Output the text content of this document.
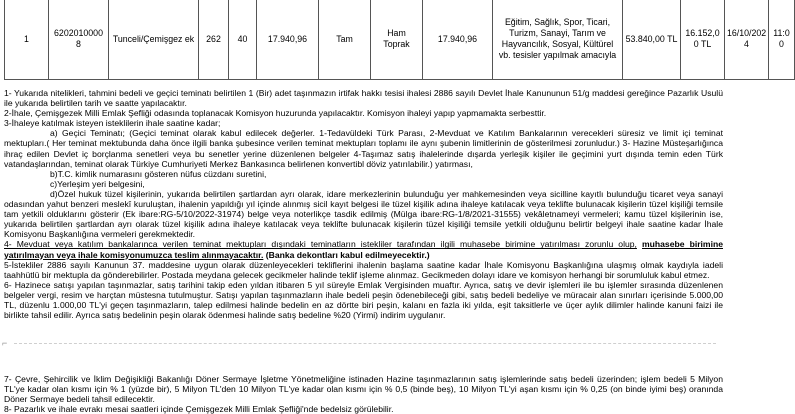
1	6202010000 8	Tunceli/Çemişgez ek	262	40	17.940,96	Tam	Ham Toprak	17.940,96	Eğitim, Sağlık, Spor, Ticari, Turizm, Sanayi, Tarım ve Hayvancılık, Sosyal, Kültürel vb. tesisler yapılmak amacıyla	53.840,00 TL	16.152,0 0 TL	16/10/202 4	11:0 0

1- Yukarıda nitelikleri, tahmini bedeli ve geçici teminatı belirtilen 1 (Bir) adet taşınmazın irtifak hakkı tesisi ihalesi 2886 sayılı Devlet İhale Kanununun 51/g maddesi gereğince Pazarlık Usulü ile yukarıda belirtilen tarih ve saatte yapılacaktır.

2-İhale, Çemişgezek Milli Emlak Şefliği odasında toplanacak Komisyon huzurunda yapılacaktır. Komisyon ihaleyi yapıp yapmamakta serbesttir.

3-İhaleye katılmak isteyen isteklilerin ihale saatine kadar;

a) Geçici Teminatı; (Geçici teminat olarak kabul edilecek değerler. 1-Tedavüldeki Türk Parası, 2-Mevduat ve Katılım Bankalarının verecekleri süresiz ve limit içi teminat mektupları.( Her teminat mektubunda daha önce ilgili banka şubesince verilen teminat mektupları toplamı ile aynı şubenin limitlerinin de gösterilmesi zorunludur.) 3- Hazine Müsteşarlığınca ihraç edilen Devlet iç borçlanma senetleri veya bu senetler yerine düzenlenen belgeler 4-Taşımaz satış ihalelerinde dışarda yerleşik kişiler ile geçimini yurt dışında temin eden Türk vatandaşlarından, teminat olarak Türkiye Cumhuriyeti Merkez Bankasınca belirlenen konvertibl döviz yatırılabilir.) yatırması,

b)T.C. kimlik numarasını gösteren nüfus cüzdanı suretini,

c)Yerleşim yeri belgesini,

d)Özel hukuk tüzel kişilerinin, yukarıda belirtilen şartlardan ayrı olarak, idare merkezlerinin bulunduğu yer mahkemesinden veya sicilline kayıtlı bulunduğu ticaret veya sanayi odasından yahut benzeri meslekî kuruluştan, ihalenin yapıldığı yıl içinde alınmış sicil kayıt belgesi ile tüzel kişilik adına ihaleye katılacak veya teklifte bulunacak kişilerin tüzel kişiliği temsile tam yetkili olduklarını gösterir (Ek ibare:RG-5/10/2022-31974) belge veya noterlikçe tasdik edilmiş (Mülga ibare:RG-1/8/2021-31555) vekâletnameyi vermeleri; kamu tüzel kişilerinin ise, yukarıda belirtilen şartlardan ayrı olarak tüzel kişilik adına ihaleye katılacak veya teklifte bulunacak kişilerin tüzel kişiliği temsile yetkili olduğunu belirtir belgeyi ihale saatine kadar İhale Komisyonu Başkanlığına vermeleri gerekmektedir.

4- Mevduat veya katılım bankalarınca verilen teminat mektupları dışındaki teminatların istekliler tarafından ilgili muhasebe birimine yatırılması zorunlu olup, muhasebe birimine yatırılmayan veya ihale komisyonumuzca teslim alınmayacaktır. (Banka dekontları kabul edilmeyecektir.)

5-İstekliler 2886 sayılı Kanunun 37. maddesine uygun olarak düzenleyecekleri tekliflerini ihalenin başlama saatine kadar İhale Komisyonu Başkanlığına ulaşmış olmak kaydıyla iadeli taahhütlü bir mektupla da gönderebilirler. Postada meydana gelecek gecikmeler halinde teklif işleme alınmaz. Gecikmeden dolayı idare ve komisyon herhangi bir sorumluluk kabul etmez.

6- Hazinece satışı yapılan taşınmazlar, satış tarihini takip eden yıldan itibaren 5 yıl süreyle Emlak Vergisinden muaftır. Ayrıca, satış ve devir işlemleri ile bu işlemler sırasında düzenlenen belgeler vergi, resim ve harçtan müstesna tutulmuştur. Satışı yapılan taşınmazların ihale bedeli peşin ödenebileceği gibi, satış bedeli bedeliye ve müracair alan sınırları içerisinde 5.000,00 TL, düzenlu 1.000,00 TL'yi geçen taşınmazların, talep edilmesi halinde bedelin en az dörtte biri peşin, kalanı en fazla iki yılda, eşit taksitlerle ve üçer aylık dilimler halinde kanuni faizi ile birlikte tahsil edilir. Ayrıca satış bedelinin peşin olarak ödenmesi halinde satış bedeline %20 (Yirmi) indirim uygulanır.

⌐

7- Çevre, Şehircilik ve İklim Değişikliği Bakanlığı Döner Sermaye İşletme Yönetmeliğine istinaden Hazine taşınmazlarının satış işlemlerinde satış bedeli üzerinden; işlem bedeli 5 Milyon TL'ye kadar olan kısmı için % 1 (yüzde bir), 5 Milyon TL'den 10 Milyon TL'ye kadar olan kısmı için % 0,5 (binde beş), 10 Milyon TL'yi aşan kısmı için % 0,25 (on binde iyimi beş) oranında Döner Sermaye bedeli tahsil edilecektir.

8- Pazarlık ve ihale evrakı mesai saatleri içinde Çemişgezek Milli Emlak Şefliği'nde bedelsiz görülebilir.
